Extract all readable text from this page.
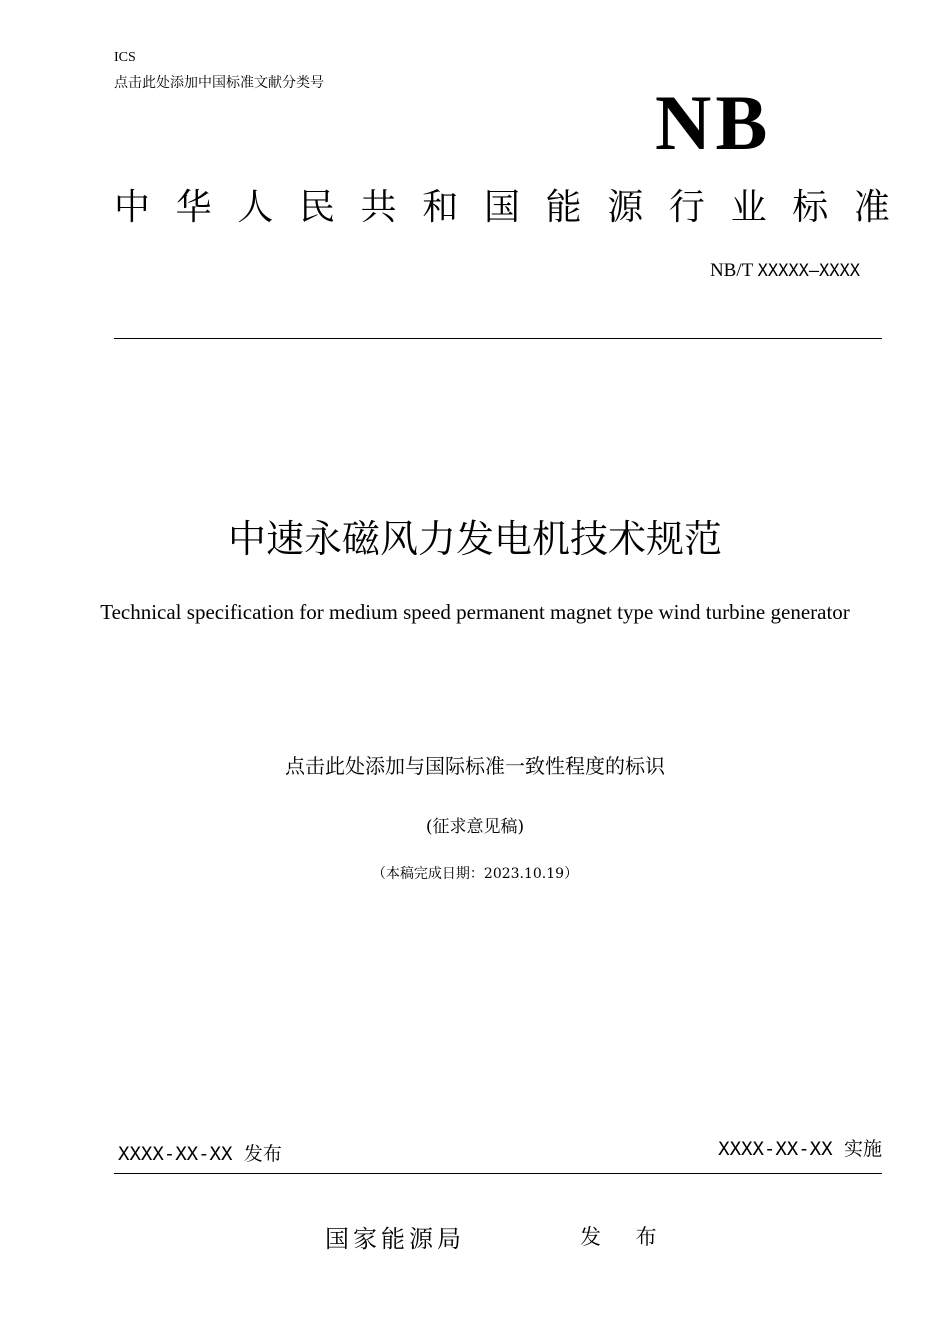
ICS
点击此处添加中国标准文献分类号	NB
中 华 人 民 共 和 国 能 源 行 业 标 准
NB/T XXXXX—XXXX
中速永磁风力发电机技术规范
Technical specification for medium speed permanent magnet type wind turbine generator
点击此处添加与国际标准一致性程度的标识
(征求意见稿)
（本稿完成日期：2023.10.19）
XXXX-XX-XX 发布	XXXX-XX-XX 实施
国家能源局	发 布
